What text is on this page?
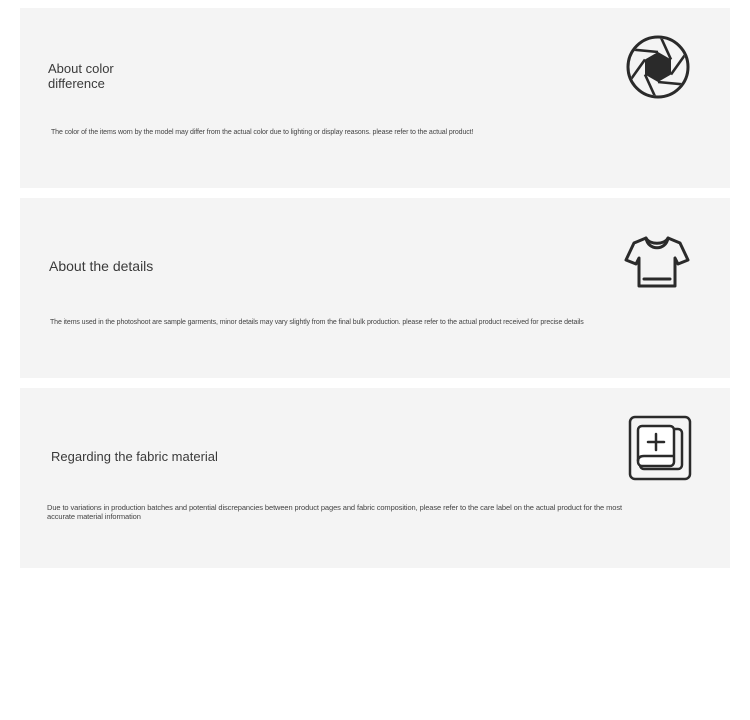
About color difference

The color of the items worn by the model may differ from the actual color due to lighting or display reasons. please refer to the actual product!

About the details

The items used in the photoshoot are sample garments, minor details may vary slightly from the final bulk production. please refer to the actual product received for precise details

Regarding the fabric material

Due to variations in production batches and potential discrepancies between product pages and fabric composition, please refer to the care label on the actual product for the most accurate material information
